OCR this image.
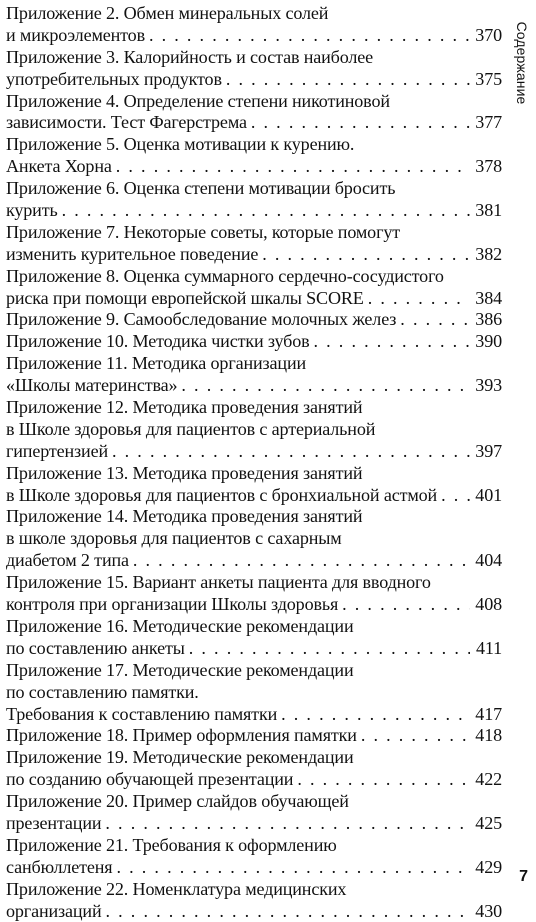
Приложение 2. Обмен минеральных солей
и микроэлементов . . .	370
Приложение 3. Калорийность и состав наиболее
употребительных продуктов . . .	375
Приложение 4. Определение степени никотиновой
зависимости. Тест Фагерстрема . . .	377
Приложение 5. Оценка мотивации к курению.
Анкета Хорна . . .	378
Приложение 6. Оценка степени мотивации бросить
курить . . .	381
Приложение 7. Некоторые советы, которые помогут
изменить курительное поведение . . .	382
Приложение 8. Оценка суммарного сердечно-сосудистого
риска при помощи европейской шкалы SCORE . . .	384
Приложение 9. Самообследование молочных желез . . .	386
Приложение 10. Методика чистки зубов . . .	390
Приложение 11. Методика организации
«Школы материнства» . . .	393
Приложение 12. Методика проведения занятий
в Школе здоровья для пациентов с артериальной
гипертензией . . .	397
Приложение 13. Методика проведения занятий
в Школе здоровья для пациентов с бронхиальной астмой . . . 401
Приложение 14. Методика проведения занятий
в школе здоровья для пациентов с сахарным
диабетом 2 типа . . .	404
Приложение 15. Вариант анкеты пациента для вводного
контроля при организации Школы здоровья . . .	408
Приложение 16. Методические рекомендации
по составлению анкеты . . .	411
Приложение 17. Методические рекомендации
по составлению памятки.
Требования к составлению памятки . . .	417
Приложение 18. Пример оформления памятки . . .	418
Приложение 19. Методические рекомендации
по созданию обучающей презентации . . .	422
Приложение 20. Пример слайдов обучающей
презентации . . .	425
Приложение 21. Требования к оформлению
санбюллетеня . . .	429
Приложение 22. Номенклатура медицинских
организаций . . .	430
Содержание
7
